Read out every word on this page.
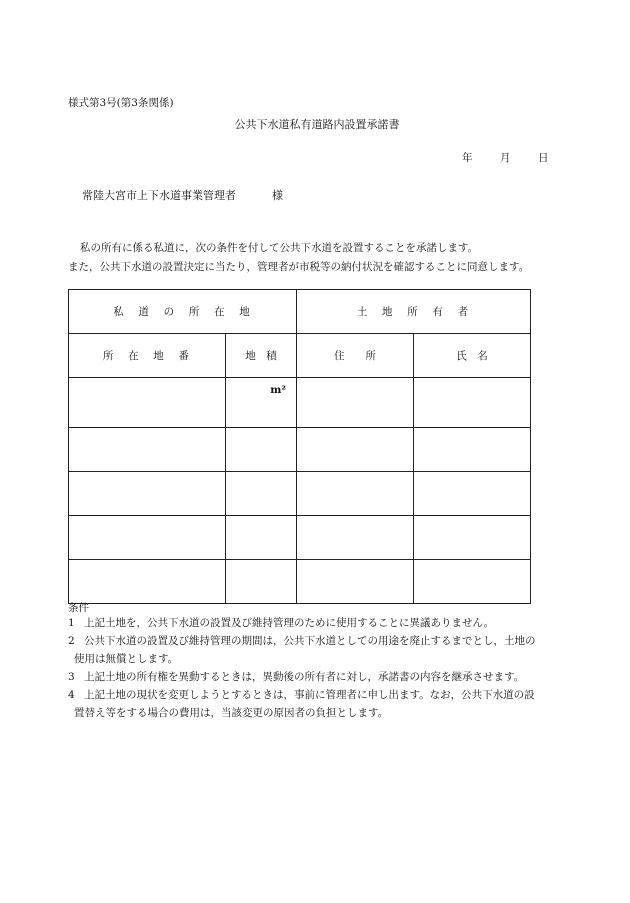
様式第3号(第3条関係)
公共下水道私有道路内設置承諾書
年	月	日
常陸大宮市上下水道事業管理者	様
私の所有に係る私道に，次の条件を付して公共下水道を設置することを承諾します。
また，公共下水道の設置決定に当たり，管理者が市税等の納付状況を確認することに同意します。
私　道　の　所　在　地		土　地　所　有　者	
所　在　地　番	地　積	住　　所	氏　名
	m²		

条件
1 上記土地を，公共下水道の設置及び維持管理のために使用することに異議ありません。
2 公共下水道の設置及び維持管理の期間は，公共下水道としての用途を廃止するまでとし，土地の
使用は無償とします。
3 上記土地の所有権を異動するときは，異動後の所有者に対し，承諾書の内容を継承させます。
4 上記土地の現状を変更しようとするときは，事前に管理者に申し出ます。なお，公共下水道の設
置替え等をする場合の費用は，当該変更の原因者の負担とします。
